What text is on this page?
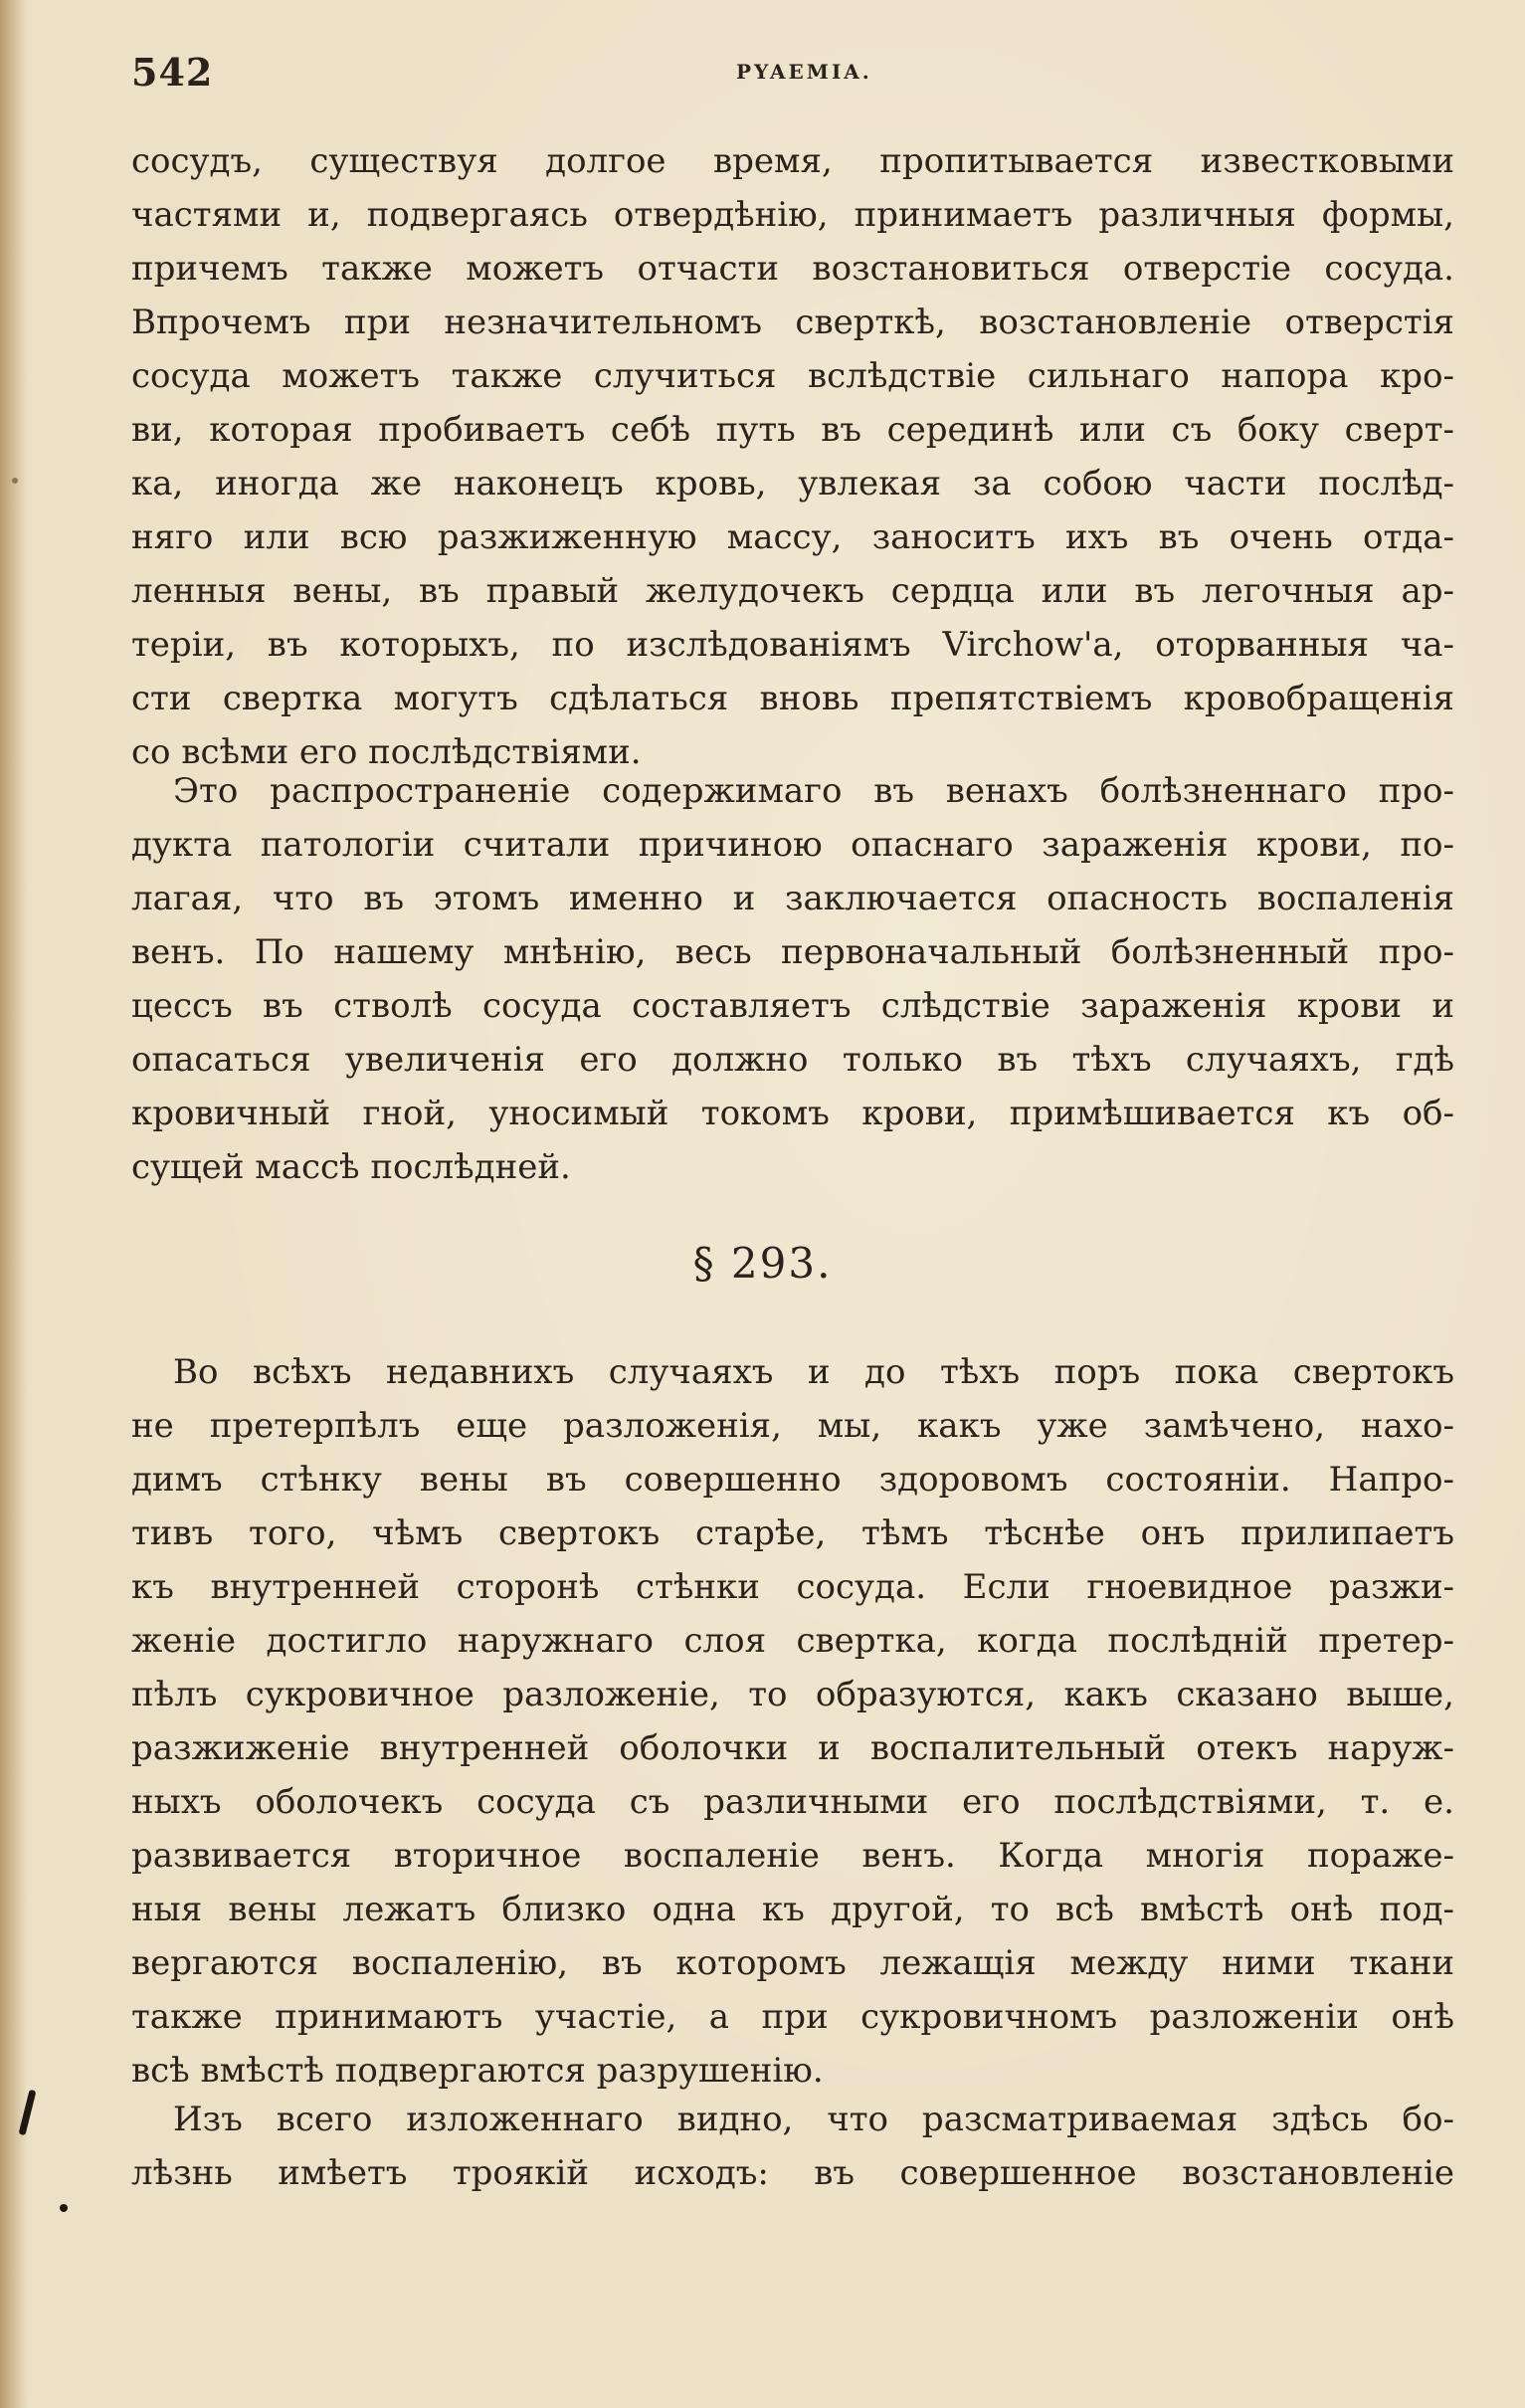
542	PYAEMIA.
сосудъ, существуя долгое время, пропитывается известковыми
частями и, подвергаясь отвердѣнію, принимаетъ различныя формы,
причемъ также можетъ отчасти возстановиться отверстіе сосуда.
Впрочемъ при незначительномъ сверткѣ, возстановленіе отверстія
сосуда можетъ также случиться вслѣдствіе сильнаго напора кро-
ви, которая пробиваетъ себѣ путь въ серединѣ или съ боку сверт-
ка, иногда же наконецъ кровь, увлекая за собою части послѣд-
няго или всю разжиженную массу, заноситъ ихъ въ очень отда-
ленныя вены, въ правый желудочекъ сердца или въ легочныя ар-
теріи, въ которыхъ, по изслѣдованіямъ Virchow'а, оторванныя ча-
сти свертка могутъ сдѣлаться вновь препятствіемъ кровобращенія
со всѣми его послѣдствіями.
Это распространеніе содержимаго въ венахъ болѣзненнаго про-
дукта патологіи считали причиною опаснаго зараженія крови, по-
лагая, что въ этомъ именно и заключается опасность воспаленія
венъ. По нашему мнѣнію, весь первоначальный болѣзненный про-
цессъ въ стволѣ сосуда составляетъ слѣдствіе зараженія крови и
опасаться увеличенія его должно только въ тѣхъ случаяхъ, гдѣ
кровичный гной, уносимый токомъ крови, примѣшивается къ об-
сущей массѣ послѣдней.
§ 293.
Во всѣхъ недавнихъ случаяхъ и до тѣхъ поръ пока свертокъ
не претерпѣлъ еще разложенія, мы, какъ уже замѣчено, нахо-
димъ стѣнку вены въ совершенно здоровомъ состояніи. Напро-
тивъ того, чѣмъ свертокъ старѣе, тѣмъ тѣснѣе онъ прилипаетъ
къ внутренней сторонѣ стѣнки сосуда. Если гноевидное разжи-
женіе достигло наружнаго слоя свертка, когда послѣдній претер-
пѣлъ сукровичное разложеніе, то образуются, какъ сказано выше,
разжиженіе внутренней оболочки и воспалительный отекъ наруж-
ныхъ оболочекъ сосуда съ различными его послѣдствіями, т. е.
развивается вторичное воспаленіе венъ. Когда многія пораже-
ныя вены лежатъ близко одна къ другой, то всѣ вмѣстѣ онѣ под-
вергаются воспаленію, въ которомъ лежащія между ними ткани
также принимаютъ участіе, а при сукровичномъ разложеніи онѣ
всѣ вмѣстѣ подвергаются разрушенію.
Изъ всего изложеннаго видно, что разсматриваемая здѣсь бо-
лѣзнь имѣетъ троякій исходъ: въ совершенное возстановленіе
